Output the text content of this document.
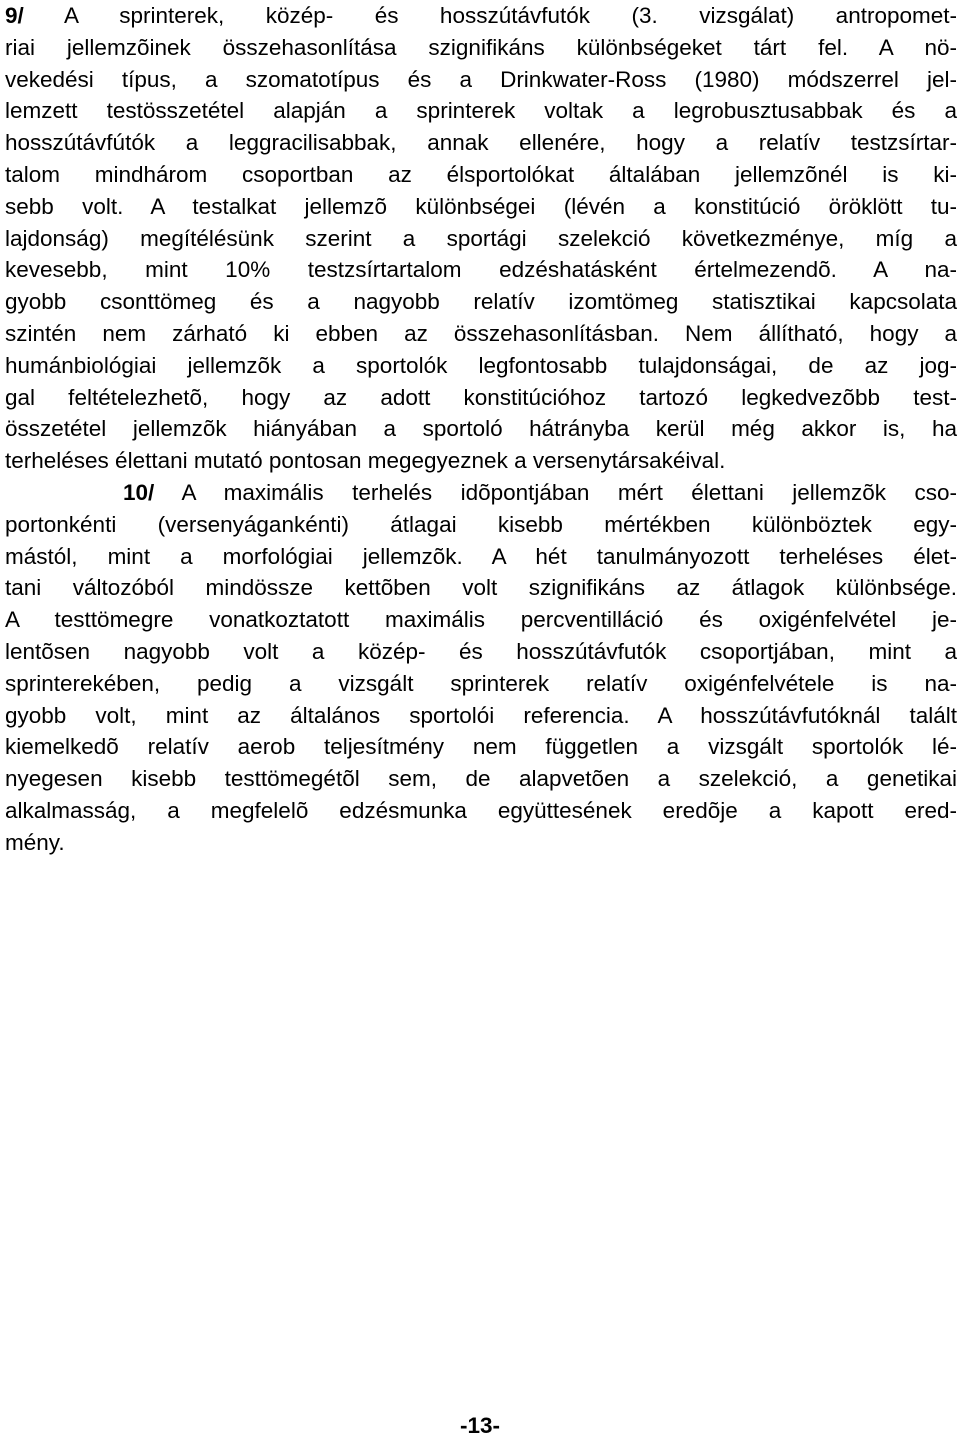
9/ A sprinterek, közép- és hosszútávfutók (3. vizsgálat) antropomet-
riai jellemzõinek összehasonlítása szignifikáns különbségeket tárt fel. A nö-
vekedési típus, a szomatotípus és a Drinkwater-Ross (1980) módszerrel jel-
lemzett testösszetétel alapján a sprinterek voltak a legrobusztusabbak és a
hosszútávfútók a leggracilisabbak, annak ellenére, hogy a relatív testzsírtar-
talom mindhárom csoportban az élsportolókat általában jellemzõnél is ki-
sebb volt. A testalkat jellemzõ különbségei (lévén a konstitúció öröklött tu-
lajdonság) megítélésünk szerint a sportági szelekció következménye, míg a
kevesebb, mint 10% testzsírtartalom edzéshatásként értelmezendõ. A na-
gyobb csonttömeg és a nagyobb relatív izomtömeg statisztikai kapcsolata
szintén nem zárható ki ebben az összehasonlításban. Nem állítható, hogy a
humánbiológiai jellemzõk a sportolók legfontosabb tulajdonságai, de az jog-
gal feltételezhetõ, hogy az adott konstitúcióhoz tartozó legkedvezõbb test-
összetétel jellemzõk hiányában a sportoló hátrányba kerül még akkor is, ha
terheléses élettani mutató pontosan megegyeznek a versenytársakéival.
10/ A maximális terhelés idõpontjában mért élettani jellemzõk cso-
portonkénti (versenyágankénti) átlagai kisebb mértékben különböztek egy-
mástól, mint a morfológiai jellemzõk. A hét tanulmányozott terheléses élet-
tani változóból mindössze kettõben volt szignifikáns az átlagok különbsége.
A testtömegre vonatkoztatott maximális percventilláció és oxigénfelvétel je-
lentõsen nagyobb volt a közép- és hosszútávfutók csoportjában, mint a
sprinterekében, pedig a vizsgált sprinterek relatív oxigénfelvétele is na-
gyobb volt, mint az általános sportolói referencia. A hosszútávfutóknál talált
kiemelkedõ relatív aerob teljesítmény nem független a vizsgált sportolók lé-
nyegesen kisebb testtömegétõl sem, de alapvetõen a szelekció, a genetikai
alkalmasság, a megfelelõ edzésmunka együttesének eredõje a kapott ered-
mény.
-13-
